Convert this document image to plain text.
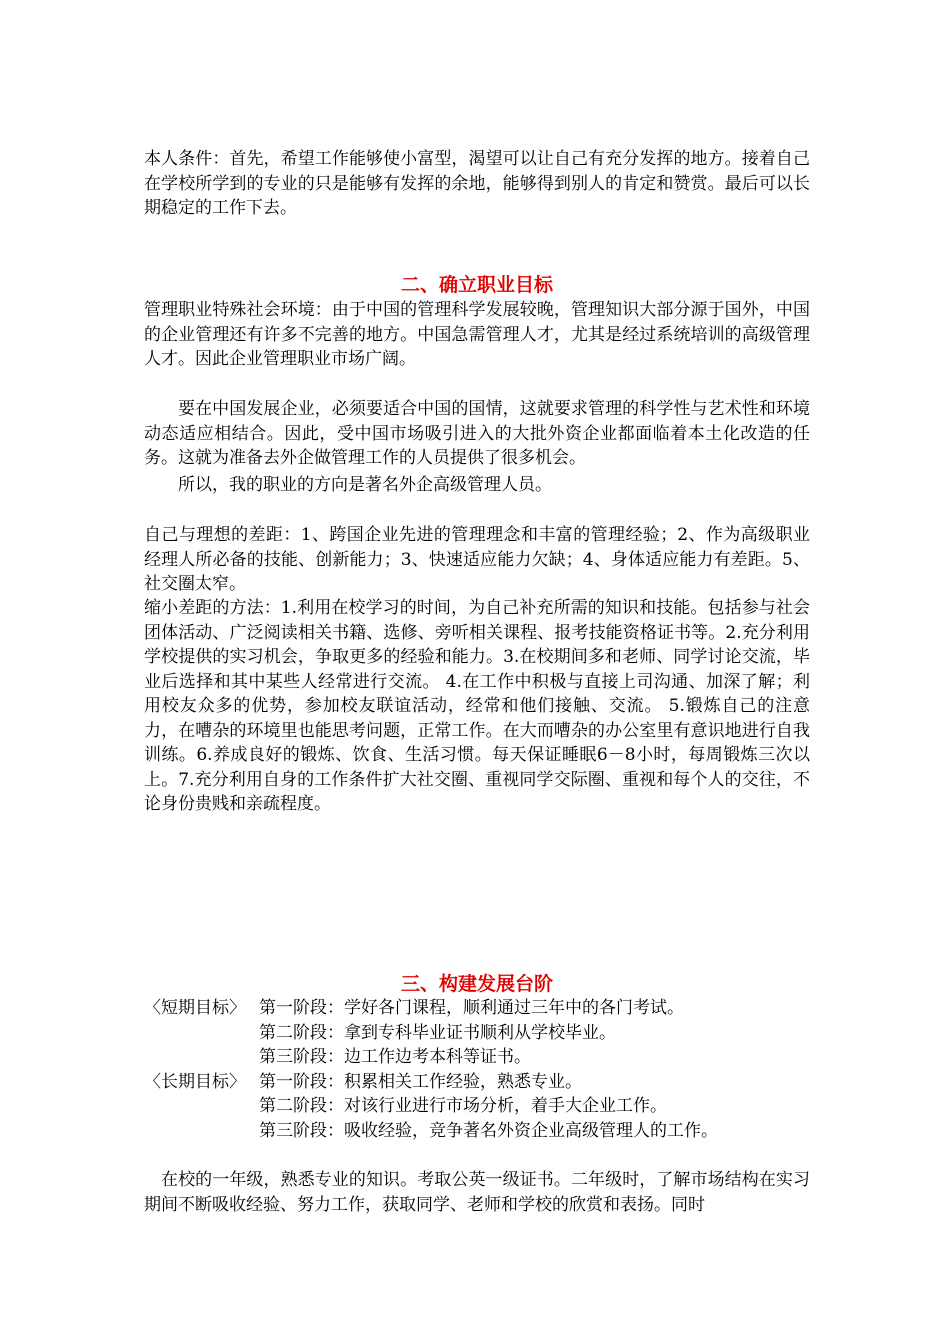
本人条件：首先，希望工作能够使小富型，渴望可以让自己有充分发挥的地方。接着自己在学校所学到的专业的只是能够有发挥的余地，能够得到别人的肯定和赞赏。最后可以长期稳定的工作下去。

二、确立职业目标

管理职业特殊社会环境：由于中国的管理科学发展较晚，管理知识大部分源于国外，中国的企业管理还有许多不完善的地方。中国急需管理人才，尤其是经过系统培训的高级管理人才。因此企业管理职业市场广阔。

要在中国发展企业，必须要适合中国的国情，这就要求管理的科学性与艺术性和环境动态适应相结合。因此，受中国市场吸引进入的大批外资企业都面临着本土化改造的任务。这就为准备去外企做管理工作的人员提供了很多机会。

所以，我的职业的方向是著名外企高级管理人员。

自己与理想的差距：1、跨国企业先进的管理理念和丰富的管理经验；2、作为高级职业经理人所必备的技能、创新能力；3、快速适应能力欠缺；4、身体适应能力有差距。5、社交圈太窄。

缩小差距的方法：1.利用在校学习的时间，为自己补充所需的知识和技能。包括参与社会团体活动、广泛阅读相关书籍、选修、旁听相关课程、报考技能资格证书等。2.充分利用学校提供的实习机会，争取更多的经验和能力。3.在校期间多和老师、同学讨论交流，毕业后选择和其中某些人经常进行交流。 4.在工作中积极与直接上司沟通、加深了解；利用校友众多的优势，参加校友联谊活动，经常和他们接触、交流。 5.锻炼自己的注意力，在嘈杂的环境里也能思考问题，正常工作。在大而嘈杂的办公室里有意识地进行自我训练。6.养成良好的锻炼、饮食、生活习惯。每天保证睡眠6－8小时，每周锻炼三次以上。7.充分利用自身的工作条件扩大社交圈、重视同学交际圈、重视和每个人的交往，不论身份贵贱和亲疏程度。

三、构建发展台阶
〈短期目标〉 第一阶段：学好各门课程，顺利通过三年中的各门考试。
第二阶段：拿到专科毕业证书顺利从学校毕业。
第三阶段：边工作边考本科等证书。
〈长期目标〉 第一阶段：积累相关工作经验，熟悉专业。
第二阶段：对该行业进行市场分析，着手大企业工作。
第三阶段：吸收经验，竞争著名外资企业高级管理人的工作。

在校的一年级，熟悉专业的知识。考取公英一级证书。二年级时，了解市场结构在实习期间不断吸收经验、努力工作，获取同学、老师和学校的欣赏和表扬。同时
